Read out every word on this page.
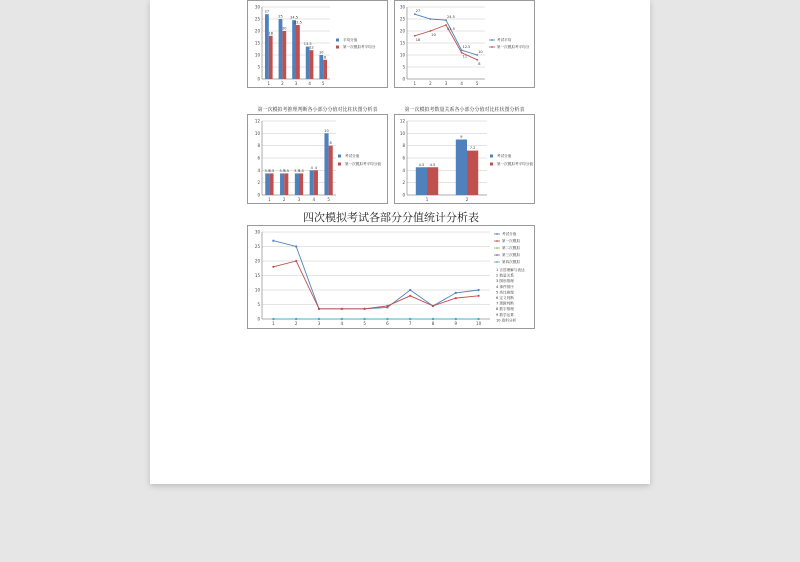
0
5
10
15
20
25
30
1	2	3	4	5
27
25 24.5
13.5
10
18
20
22.5
12
8
平均分值
第一次模拟考平均分
0
5
10
15
20
25
30
1	2	3	4	5
27
24.5
12.5
10
18
20
22.5
11
8
考试平均
第一次模拟考平均分
第一次模拟考推理判断各小部分分值对比柱状图分析表
0
2
4
6
8
10
12
1	2	3	4	5
3.5	3.5	3.5
4
10
3.5	3.5	3.5
4
8
考试分值
第一次模拟考平均分值
第一次模拟考数量关系各小部分分值对比柱状图分析表
0
2
4
6
8
10
12
1	2
4.5
9
4.5
7.2
考试分值
第一次模拟考平均分值
四次模拟考试各部分分值统计分析表
0
5
10
15
20
25
30
1	2	3	4	5	6	7	8	9	10
考试分值
第一次模拟
第二次模拟
第三次模拟
第四次模拟
1 言语理解与表达
2 数量关系
3 图形推理
4 事件排序
5 类比推理
6 定义判断
7 逻辑判断
8 数字推理
9 数学运算
10 资料分析
